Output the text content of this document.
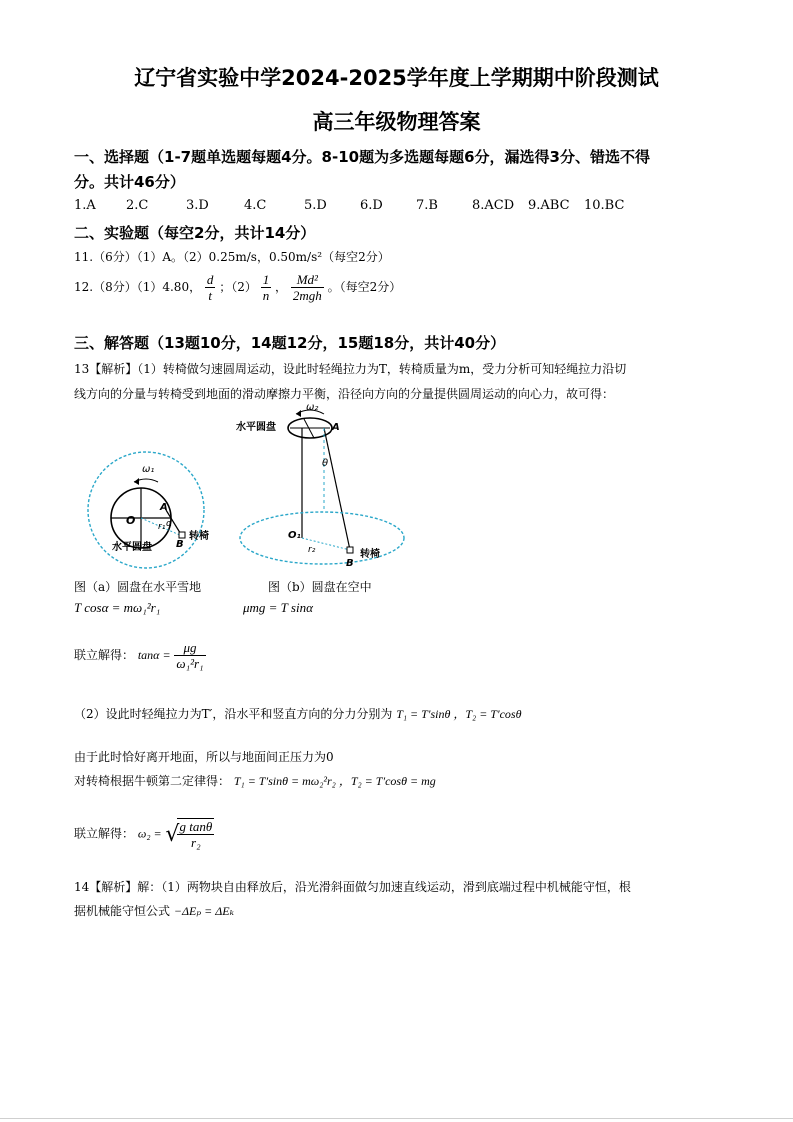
辽宁省实验中学2024-2025学年度上学期期中阶段测试
高三年级物理答案
一、选择题（1-7题单选题每题4分。8-10题为多选题每题6分，漏选得3分、错选不得
分。共计46分）
1.A 2.C	3.D	4.C	5.D	6.D	7.B	8.ACD 9.ABC 10.BC
二、实验题（每空2分，共计14分）
11.（6分）（1）A。（2）0.25m/s，0.50m/s²（每空2分）
12.（8分）（1）4.80， $\frac{d}{t}$ ；$(2) \frac{1}{n}$ ， $\frac{\text{Md²}}{\text{2mgh}}$ 。（每空2分）
三、解答题（13题10分，14题12分，15题18分，共计40分）
13【解析】（1）转椅做匀速圆周运动，设此时轻绳拉力为T，转椅质量为m，受力分析可知轻绳拉力沿切
线方向的分量与转椅受到地面的滑动摩擦力平衡，沿径向方向的分量提供圆周运动的向心力，故可得：
ω₁
O
A
r₁ α
B
转椅
水平圆盘
ω₂
水平圆盘	A
θ
O₁
r₂
B
转椅
图（a）圆盘在水平雪地	图（b）圆盘在空中
T cosα = mω₁²r₁	μmg = T sinα
联立解得： $\tan\alpha = \frac{\mu g}{\text{ω₁²r₁}}$
（2）设此时轻绳拉力为T′，沿水平和竖直方向的分力分别为 T₁ = T′sinθ ，T₂ = T′cosθ
由于此时恰好离开地面，所以与地面间正压力为0
对转椅根据牛顿第二定律得： T₁ = T′sinθ = mω₂²r₂ ，T₂ = T′cosθ = mg
联立解得： ω₂ = √
$\frac{\text{g tanθ}}{\text{r₂}}$
14【解析】解：（1）两物块自由释放后，沿光滑斜面做匀加速直线运动，滑到底端过程中机械能守恒，根
据机械能守恒公式 −ΔEₚ = ΔEₖ
